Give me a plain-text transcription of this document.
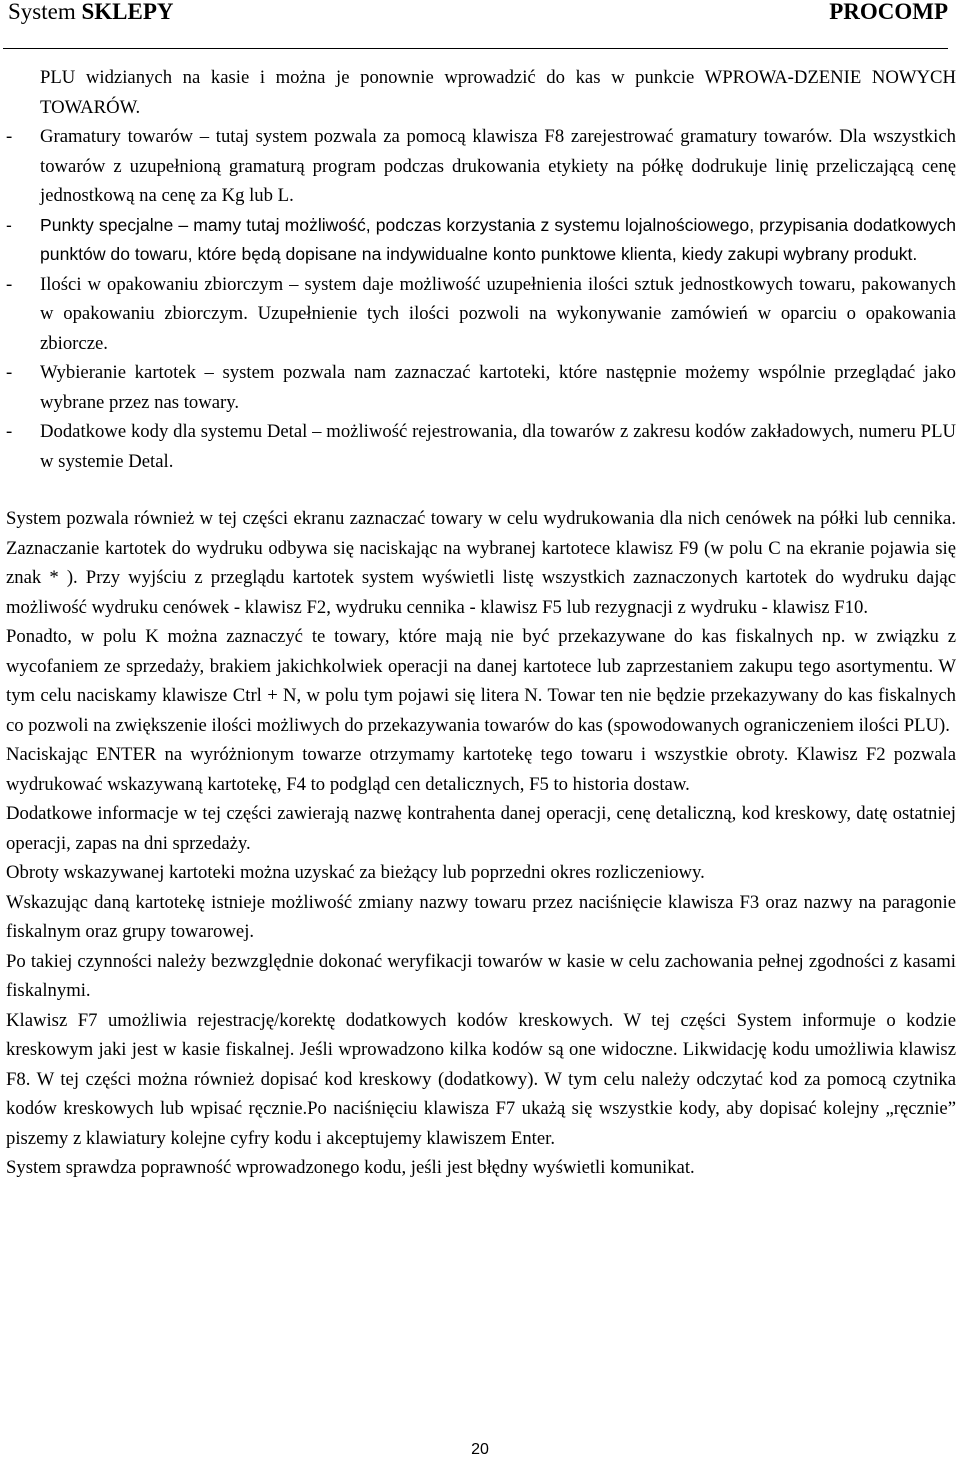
System SKLEPY	PROCOMP
PLU widzianych na kasie i można je ponownie wprowadzić do kas w punkcie WPROWA-DZENIE NOWYCH TOWARÓW.
- Gramatury towarów – tutaj system pozwala za pomocą klawisza F8 zarejestrować gramatury towarów. Dla wszystkich towarów z uzupełnioną gramaturą program podczas drukowania etykiety na półkę dodrukuje linię przeliczającą cenę jednostkową na cenę za Kg lub L.
- Punkty specjalne – mamy tutaj możliwość, podczas korzystania z systemu lojalnościowego, przypisania dodatkowych punktów do towaru, które będą dopisane na indywidualne konto punktowe klienta, kiedy zakupi wybrany produkt.
- Ilości w opakowaniu zbiorczym – system daje możliwość uzupełnienia ilości sztuk jednostkowych towaru, pakowanych w opakowaniu zbiorczym. Uzupełnienie tych ilości pozwoli na wykonywanie zamówień w oparciu o opakowania zbiorcze.
- Wybieranie kartotek – system pozwala nam zaznaczać kartoteki, które następnie możemy wspólnie przeglądać jako wybrane przez nas towary.
- Dodatkowe kody dla systemu Detal – możliwość rejestrowania, dla towarów z zakresu kodów zakładowych, numeru PLU w systemie Detal.

System pozwala również w tej części ekranu zaznaczać towary w celu wydrukowania dla nich cenówek na półki lub cennika. Zaznaczanie kartotek do wydruku odbywa się naciskając na wybranej kartotece klawisz F9 (w polu C na ekranie pojawia się znak * ). Przy wyjściu z przeglądu kartotek system wyświetli listę wszystkich zaznaczonych kartotek do wydruku dając możliwość wydruku cenówek - klawisz F2, wydruku cennika - klawisz F5 lub rezygnacji z wydruku - klawisz F10.

Ponadto, w polu K można zaznaczyć te towary, które mają nie być przekazywane do kas fiskalnych np. w związku z wycofaniem ze sprzedaży, brakiem jakichkolwiek operacji na danej kartotece lub zaprzestaniem zakupu tego asortymentu. W tym celu naciskamy klawisze Ctrl + N, w polu tym pojawi się litera N. Towar ten nie będzie przekazywany do kas fiskalnych co pozwoli na zwiększenie ilości możliwych do przekazywania towarów do kas (spowodowanych ograniczeniem ilości PLU).

Naciskając ENTER na wyróżnionym towarze otrzymamy kartotekę tego towaru i wszystkie obroty. Klawisz F2 pozwala wydrukować wskazywaną kartotekę, F4 to podgląd cen detalicznych, F5 to historia dostaw.

Dodatkowe informacje w tej części zawierają nazwę kontrahenta danej operacji, cenę detaliczną, kod kreskowy, datę ostatniej operacji, zapas na dni sprzedaży.

Obroty wskazywanej kartoteki można uzyskać za bieżący lub poprzedni okres rozliczeniowy.

Wskazując daną kartotekę istnieje możliwość zmiany nazwy towaru przez naciśnięcie klawisza F3 oraz nazwy na paragonie fiskalnym oraz grupy towarowej.

Po takiej czynności należy bezwzględnie dokonać weryfikacji towarów w kasie w celu zachowania pełnej zgodności z kasami fiskalnymi.

Klawisz F7 umożliwia rejestrację/korektę dodatkowych kodów kreskowych. W tej części System informuje o kodzie kreskowym jaki jest w kasie fiskalnej. Jeśli wprowadzono kilka kodów są one widoczne. Likwidację kodu umożliwia klawisz F8. W tej części można również dopisać kod kreskowy (dodatkowy). W tym celu należy odczytać kod za pomocą czytnika kodów kreskowych lub wpisać ręcznie.Po naciśnięciu klawisza F7 ukażą się wszystkie kody, aby dopisać kolejny „ręcznie” piszemy z klawiatury kolejne cyfry kodu i akceptujemy klawiszem Enter.

System sprawdza poprawność wprowadzonego kodu, jeśli jest błędny wyświetli komunikat.

20
